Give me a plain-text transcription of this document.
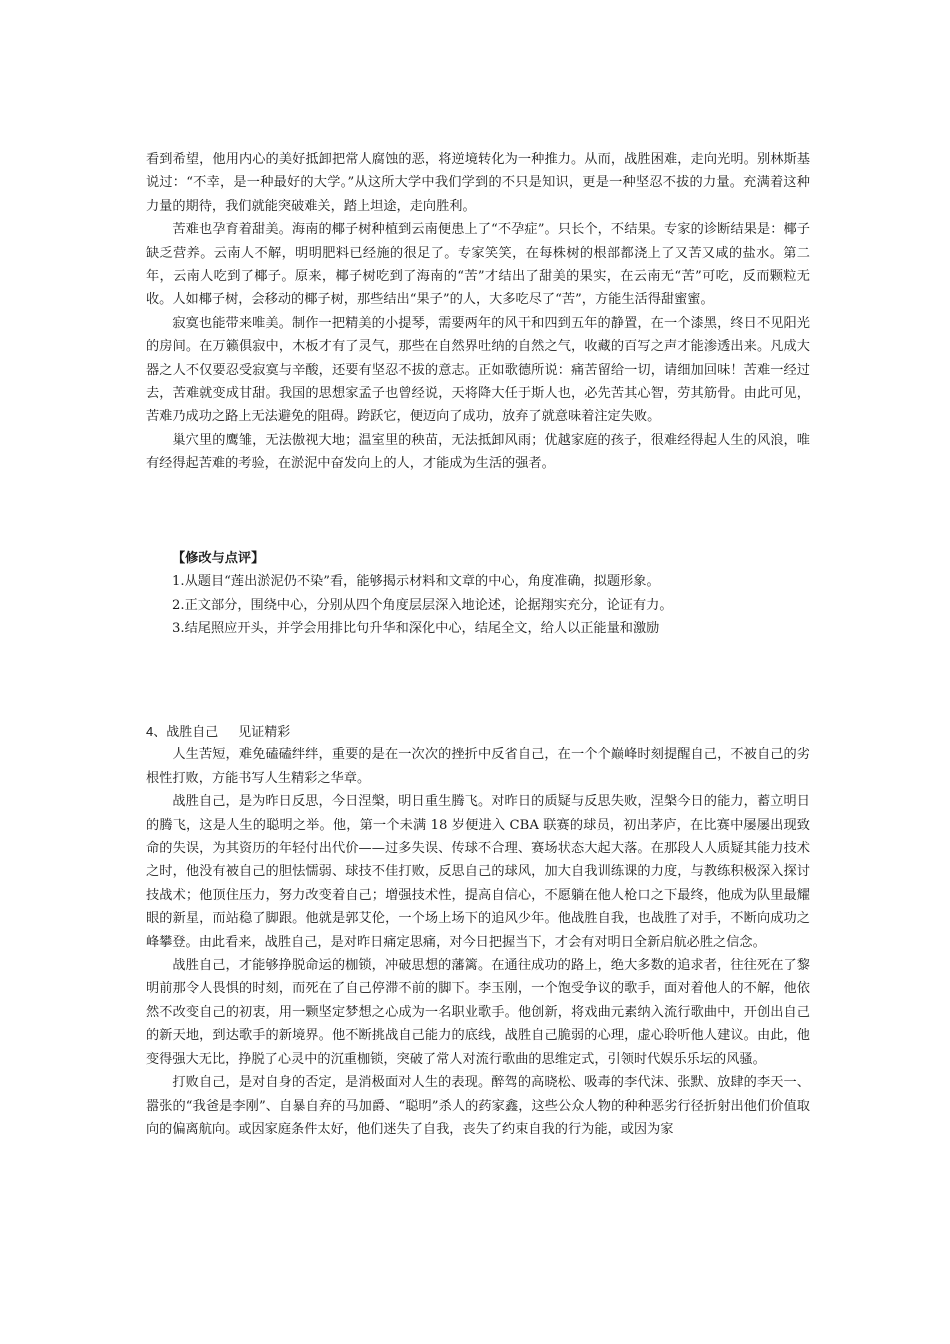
看到希望，他用内心的美好抵卸把常人腐蚀的恶，将逆境转化为一种推力。从而，战胜困难，走向光明。别林斯基说过：“不幸，是一种最好的大学。”从这所大学中我们学到的不只是知识，更是一种坚忍不拔的力量。充满着这种力量的期待，我们就能突破难关，踏上坦途，走向胜利。

苦难也孕育着甜美。海南的椰子树种植到云南便患上了“不孕症”。只长个，不结果。专家的诊断结果是：椰子缺乏营养。云南人不解，明明肥料已经施的很足了。专家笑笑，在每株树的根部都浇上了又苦又咸的盐水。第二年，云南人吃到了椰子。原来，椰子树吃到了海南的“苦”才结出了甜美的果实，在云南无“苦”可吃，反而颗粒无收。人如椰子树，会移动的椰子树，那些结出“果子”的人，大多吃尽了“苦”，方能生活得甜蜜蜜。

寂寞也能带来唯美。制作一把精美的小提琴，需要两年的风干和四到五年的静置，在一个漆黑，终日不见阳光的房间。在万籁俱寂中，木板才有了灵气，那些在自然界吐纳的自然之气，收藏的百写之声才能渗透出来。凡成大器之人不仅要忍受寂寞与辛酸，还要有坚忍不拔的意志。正如歌德所说：痛苦留给一切，请细加回味！苦难一经过去，苦难就变成甘甜。我国的思想家孟子也曾经说，天将降大任于斯人也，必先苦其心智，劳其筋骨。由此可见，苦难乃成功之路上无法避免的阻碍。跨跃它，便迈向了成功，放弃了就意味着注定失败。

巢穴里的鹰雏，无法傲视大地；温室里的秧苗，无法抵卸风雨；优越家庭的孩子，很难经得起人生的风浪，唯有经得起苦难的考验，在淤泥中奋发向上的人，才能成为生活的强者。

【修改与点评】

1.从题目“莲出淤泥仍不染”看，能够揭示材料和文章的中心，角度准确，拟题形象。

2.正文部分，围绕中心，分别从四个角度层层深入地论述，论据翔实充分，论证有力。

3.结尾照应开头，并学会用排比句升华和深化中心，结尾全文，给人以正能量和激励

4、战胜自己 见证精彩

人生苦短，难免磕磕绊绊，重要的是在一次次的挫折中反省自己，在一个个巅峰时刻提醒自己，不被自己的劣根性打败，方能书写人生精彩之华章。

战胜自己，是为昨日反思，今日涅槃，明日重生腾飞。对昨日的质疑与反思失败，涅槃今日的能力，蓄立明日的腾飞，这是人生的聪明之举。他，第一个未满 18 岁便进入 CBA 联赛的球员，初出茅庐，在比赛中屡屡出现致命的失误，为其资历的年轻付出代价——过多失误、传球不合理、赛场状态大起大落。在那段人人质疑其能力技术之时，他没有被自己的胆怯懦弱、球技不佳打败，反思自己的球风，加大自我训练课的力度，与教练积极深入探讨技战术；他顶住压力，努力改变着自己；增强技术性，提高自信心，不愿躺在他人枪口之下最终，他成为队里最耀眼的新星，而站稳了脚跟。他就是郭艾伦，一个场上场下的追风少年。他战胜自我，也战胜了对手，不断向成功之峰攀登。由此看来，战胜自己，是对昨日痛定思痛，对今日把握当下，才会有对明日全新启航必胜之信念。

战胜自己，才能够挣脱命运的枷锁，冲破思想的藩篱。在通往成功的路上，绝大多数的追求者，往往死在了黎明前那令人畏惧的时刻，而死在了自己停滞不前的脚下。李玉刚，一个饱受争议的歌手，面对着他人的不解，他依然不改变自己的初衷，用一颗坚定梦想之心成为一名职业歌手。他创新，将戏曲元素纳入流行歌曲中，开创出自己的新天地，到达歌手的新境界。他不断挑战自己能力的底线，战胜自己脆弱的心理，虚心聆听他人建议。由此，他变得强大无比，挣脱了心灵中的沉重枷锁，突破了常人对流行歌曲的思维定式，引领时代娱乐乐坛的风骚。

打败自己，是对自身的否定，是消极面对人生的表现。醉驾的高晓松、吸毒的李代沫、张默、放肆的李天一、嚣张的“我爸是李刚”、自暴自弃的马加爵、“聪明”杀人的药家鑫，这些公众人物的种种恶劣行径折射出他们价值取向的偏离航向。或因家庭条件太好，他们迷失了自我，丧失了约束自我的行为能，或因为家
